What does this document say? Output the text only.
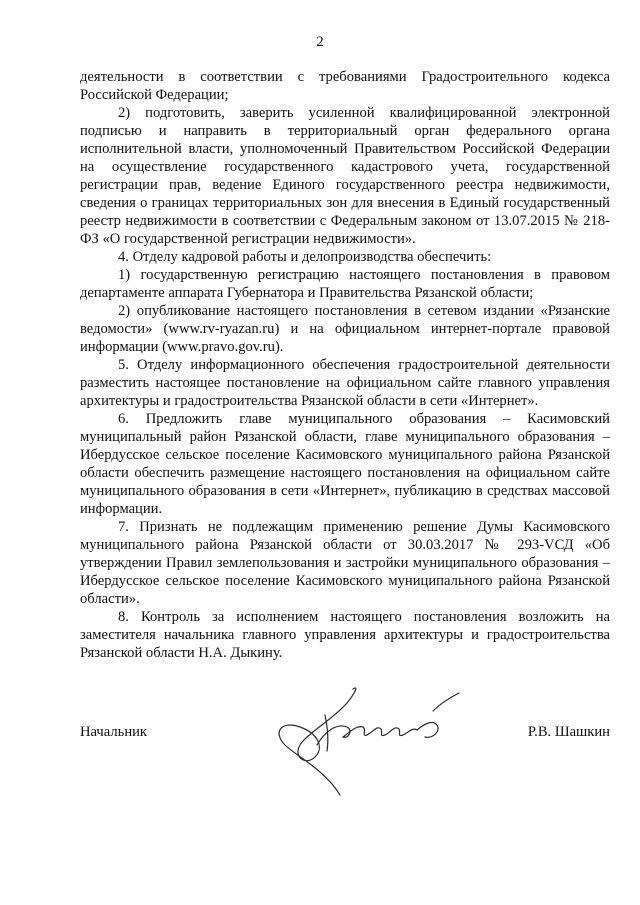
2

деятельности в соответствии с требованиями Градостроительного кодекса Российской Федерации;

2) подготовить, заверить усиленной квалифицированной электронной подписью и направить в территориальный орган федерального органа исполнительной власти, уполномоченный Правительством Российской Федерации на осуществление государственного кадастрового учета, государственной регистрации прав, ведение Единого государственного реестра недвижимости, сведения о границах территориальных зон для внесения в Единый государственный реестр недвижимости в соответствии с Федеральным законом от 13.07.2015 № 218-ФЗ «О государственной регистрации недвижимости».

4. Отделу кадровой работы и делопроизводства обеспечить:

1) государственную регистрацию настоящего постановления в правовом департаменте аппарата Губернатора и Правительства Рязанской области;

2) опубликование настоящего постановления в сетевом издании «Рязанские ведомости» (www.rv-ryazan.ru) и на официальном интернет-портале правовой информации (www.pravo.gov.ru).

5. Отделу информационного обеспечения градостроительной деятельности разместить настоящее постановление на официальном сайте главного управления архитектуры и градостроительства Рязанской области в сети «Интернет».

6. Предложить главе муниципального образования – Касимовский муниципальный район Рязанской области, главе муниципального образования – Ибердусское сельское поселение Касимовского муниципального района Рязанской области обеспечить размещение настоящего постановления на официальном сайте муниципального образования в сети «Интернет», публикацию в средствах массовой информации.

7. Признать не подлежащим применению решение Думы Касимовского муниципального района Рязанской области от 30.03.2017 № 293-VСД «Об утверждении Правил землепользования и застройки муниципального образования – Ибердусское сельское поселение Касимовского муниципального района Рязанской области».

8. Контроль за исполнением настоящего постановления возложить на заместителя начальника главного управления архитектуры и градостроительства Рязанской области Н.А. Дыкину.

Начальник	Р.В. Шашкин
